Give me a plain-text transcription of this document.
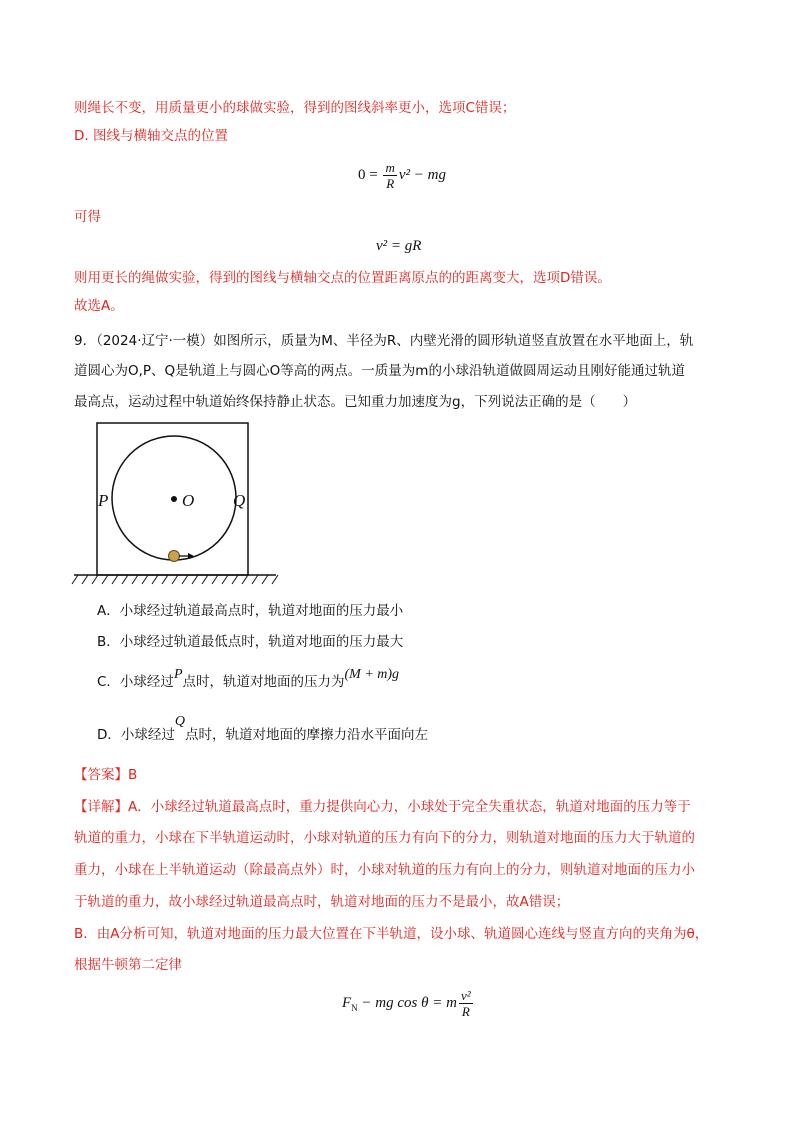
则绳长不变，用质量更小的球做实验，得到的图线斜率更小，选项C错误；
D. 图线与横轴交点的位置
$0 = \frac{m}{R} v^2$ − mg
可得
v² = gR
则用更长的绳做实验，得到的图线与横轴交点的位置距离原点的的距离变大，选项D错误。
故选A。
9．（2024·辽宁·一模）如图所示，质量为M、半径为R、内壁光滑的圆形轨道竖直放置在水平地面上，轨
道圆心为O,P、Q是轨道上与圆心O等高的两点。一质量为m的小球沿轨道做圆周运动且刚好能通过轨道
最高点，运动过程中轨道始终保持静止状态。已知重力加速度为g，下列说法正确的是（　　）
O
P	Q
A．小球经过轨道最高点时，轨道对地面的压力最小
B．小球经过轨道最低点时，轨道对地面的压力最大
C．小球经过P点时，轨道对地面的压力为(M + m)g
D．小球经过Q点时，轨道对地面的摩擦力沿水平面向左
【答案】B
【详解】A．小球经过轨道最高点时，重力提供向心力，小球处于完全失重状态，轨道对地面的压力等于
轨道的重力，小球在下半轨道运动时，小球对轨道的压力有向下的分力，则轨道对地面的压力大于轨道的
重力，小球在上半轨道运动（除最高点外）时，小球对轨道的压力有向上的分力，则轨道对地面的压力小
于轨道的重力，故小球经过轨道最高点时，轨道对地面的压力不是最小，故A错误；
B．由A分析可知，轨道对地面的压力最大位置在下半轨道，设小球、轨道圆心连线与竖直方向的夹角为θ，
根据牛顿第二定律
$F_N$ − mg cos θ = m $\frac{\text{v²}}{R}$
